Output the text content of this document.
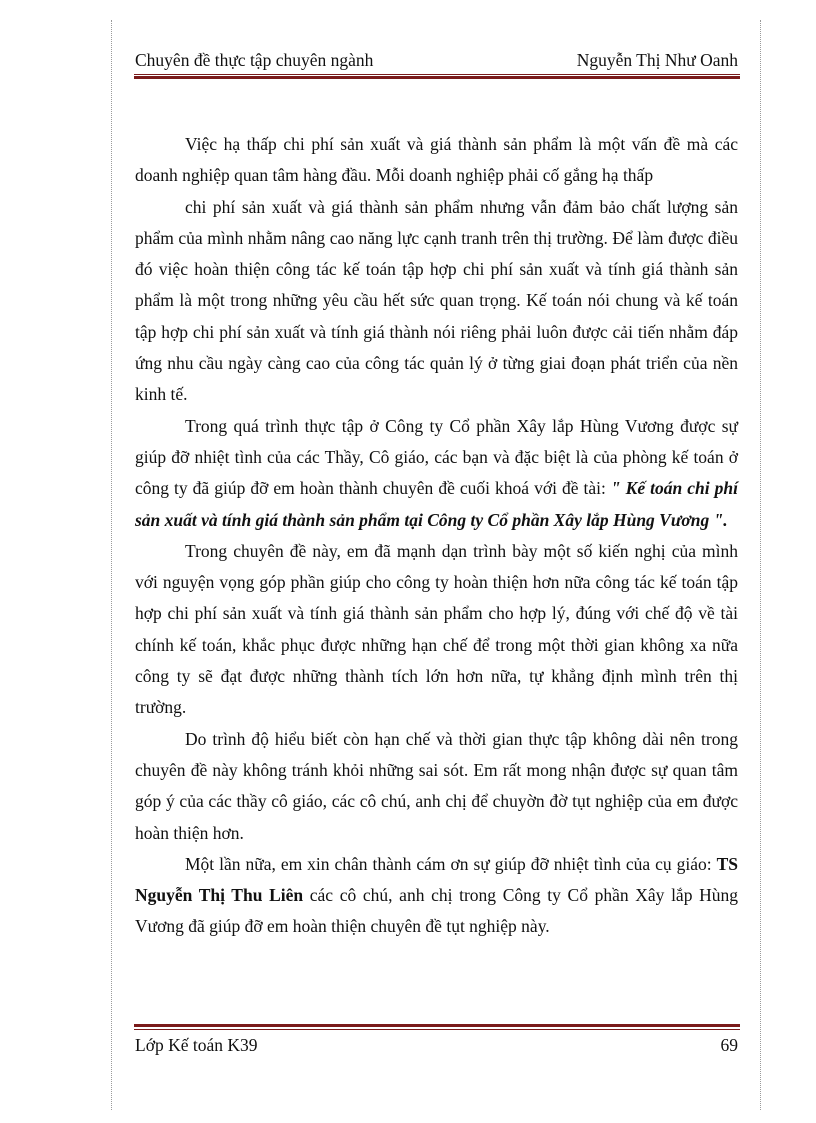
Chuyên đề thực tập chuyên ngành	Nguyễn Thị Như Oanh

Việc hạ thấp chi phí sản xuất và giá thành sản phẩm là một vấn đề mà các doanh nghiệp quan tâm hàng đầu. Mỗi doanh nghiệp phải cố gắng hạ thấp

chi phí sản xuất và giá thành sản phẩm nhưng vẫn đảm bảo chất lượng sản phẩm của mình nhằm nâng cao năng lực cạnh tranh trên thị trường. Để làm được điều đó việc hoàn thiện công tác kế toán tập hợp chi phí sản xuất và tính giá thành sản phẩm là một trong những yêu cầu hết sức quan trọng. Kế toán nói chung và kế toán tập hợp chi phí sản xuất và tính giá thành nói riêng phải luôn được cải tiến nhằm đáp ứng nhu cầu ngày càng cao của công tác quản lý ở từng giai đoạn phát triển của nền kinh tế.

Trong quá trình thực tập ở Công ty Cổ phần Xây lắp Hùng Vương được sự giúp đỡ nhiệt tình của các Thầy, Cô giáo, các bạn và đặc biệt là của phòng kế toán ở công ty đã giúp đỡ em hoàn thành chuyên đề cuối khoá với đề tài: " Kế toán chi phí sản xuất và tính giá thành sản phẩm tại Công ty Cổ phần Xây lắp Hùng Vương ".

Trong chuyên đề này, em đã mạnh dạn trình bày một số kiến nghị của mình với nguyện vọng góp phần giúp cho công ty hoàn thiện hơn nữa công tác kế toán tập hợp chi phí sản xuất và tính giá thành sản phẩm cho hợp lý, đúng với chế độ về tài chính kế toán, khắc phục được những hạn chế để trong một thời gian không xa nữa công ty sẽ đạt được những thành tích lớn hơn nữa, tự khẳng định mình trên thị trường.

Do trình độ hiểu biết còn hạn chế và thời gian thực tập không dài nên trong chuyên đề này không tránh khỏi những sai sót. Em rất mong nhận được sự quan tâm góp ý của các thầy cô giáo, các cô chú, anh chị để chuyờn đờ tụt nghiệp của em được hoàn thiện hơn.

Một lần nữa, em xin chân thành cám ơn sự giúp đỡ nhiệt tình của cụ giáo: TS Nguyễn Thị Thu Liên các cô chú, anh chị trong Công ty Cổ phần Xây lắp Hùng Vương đã giúp đỡ em hoàn thiện chuyên đề tụt nghiệp này.

Lớp Kế toán K39	69
